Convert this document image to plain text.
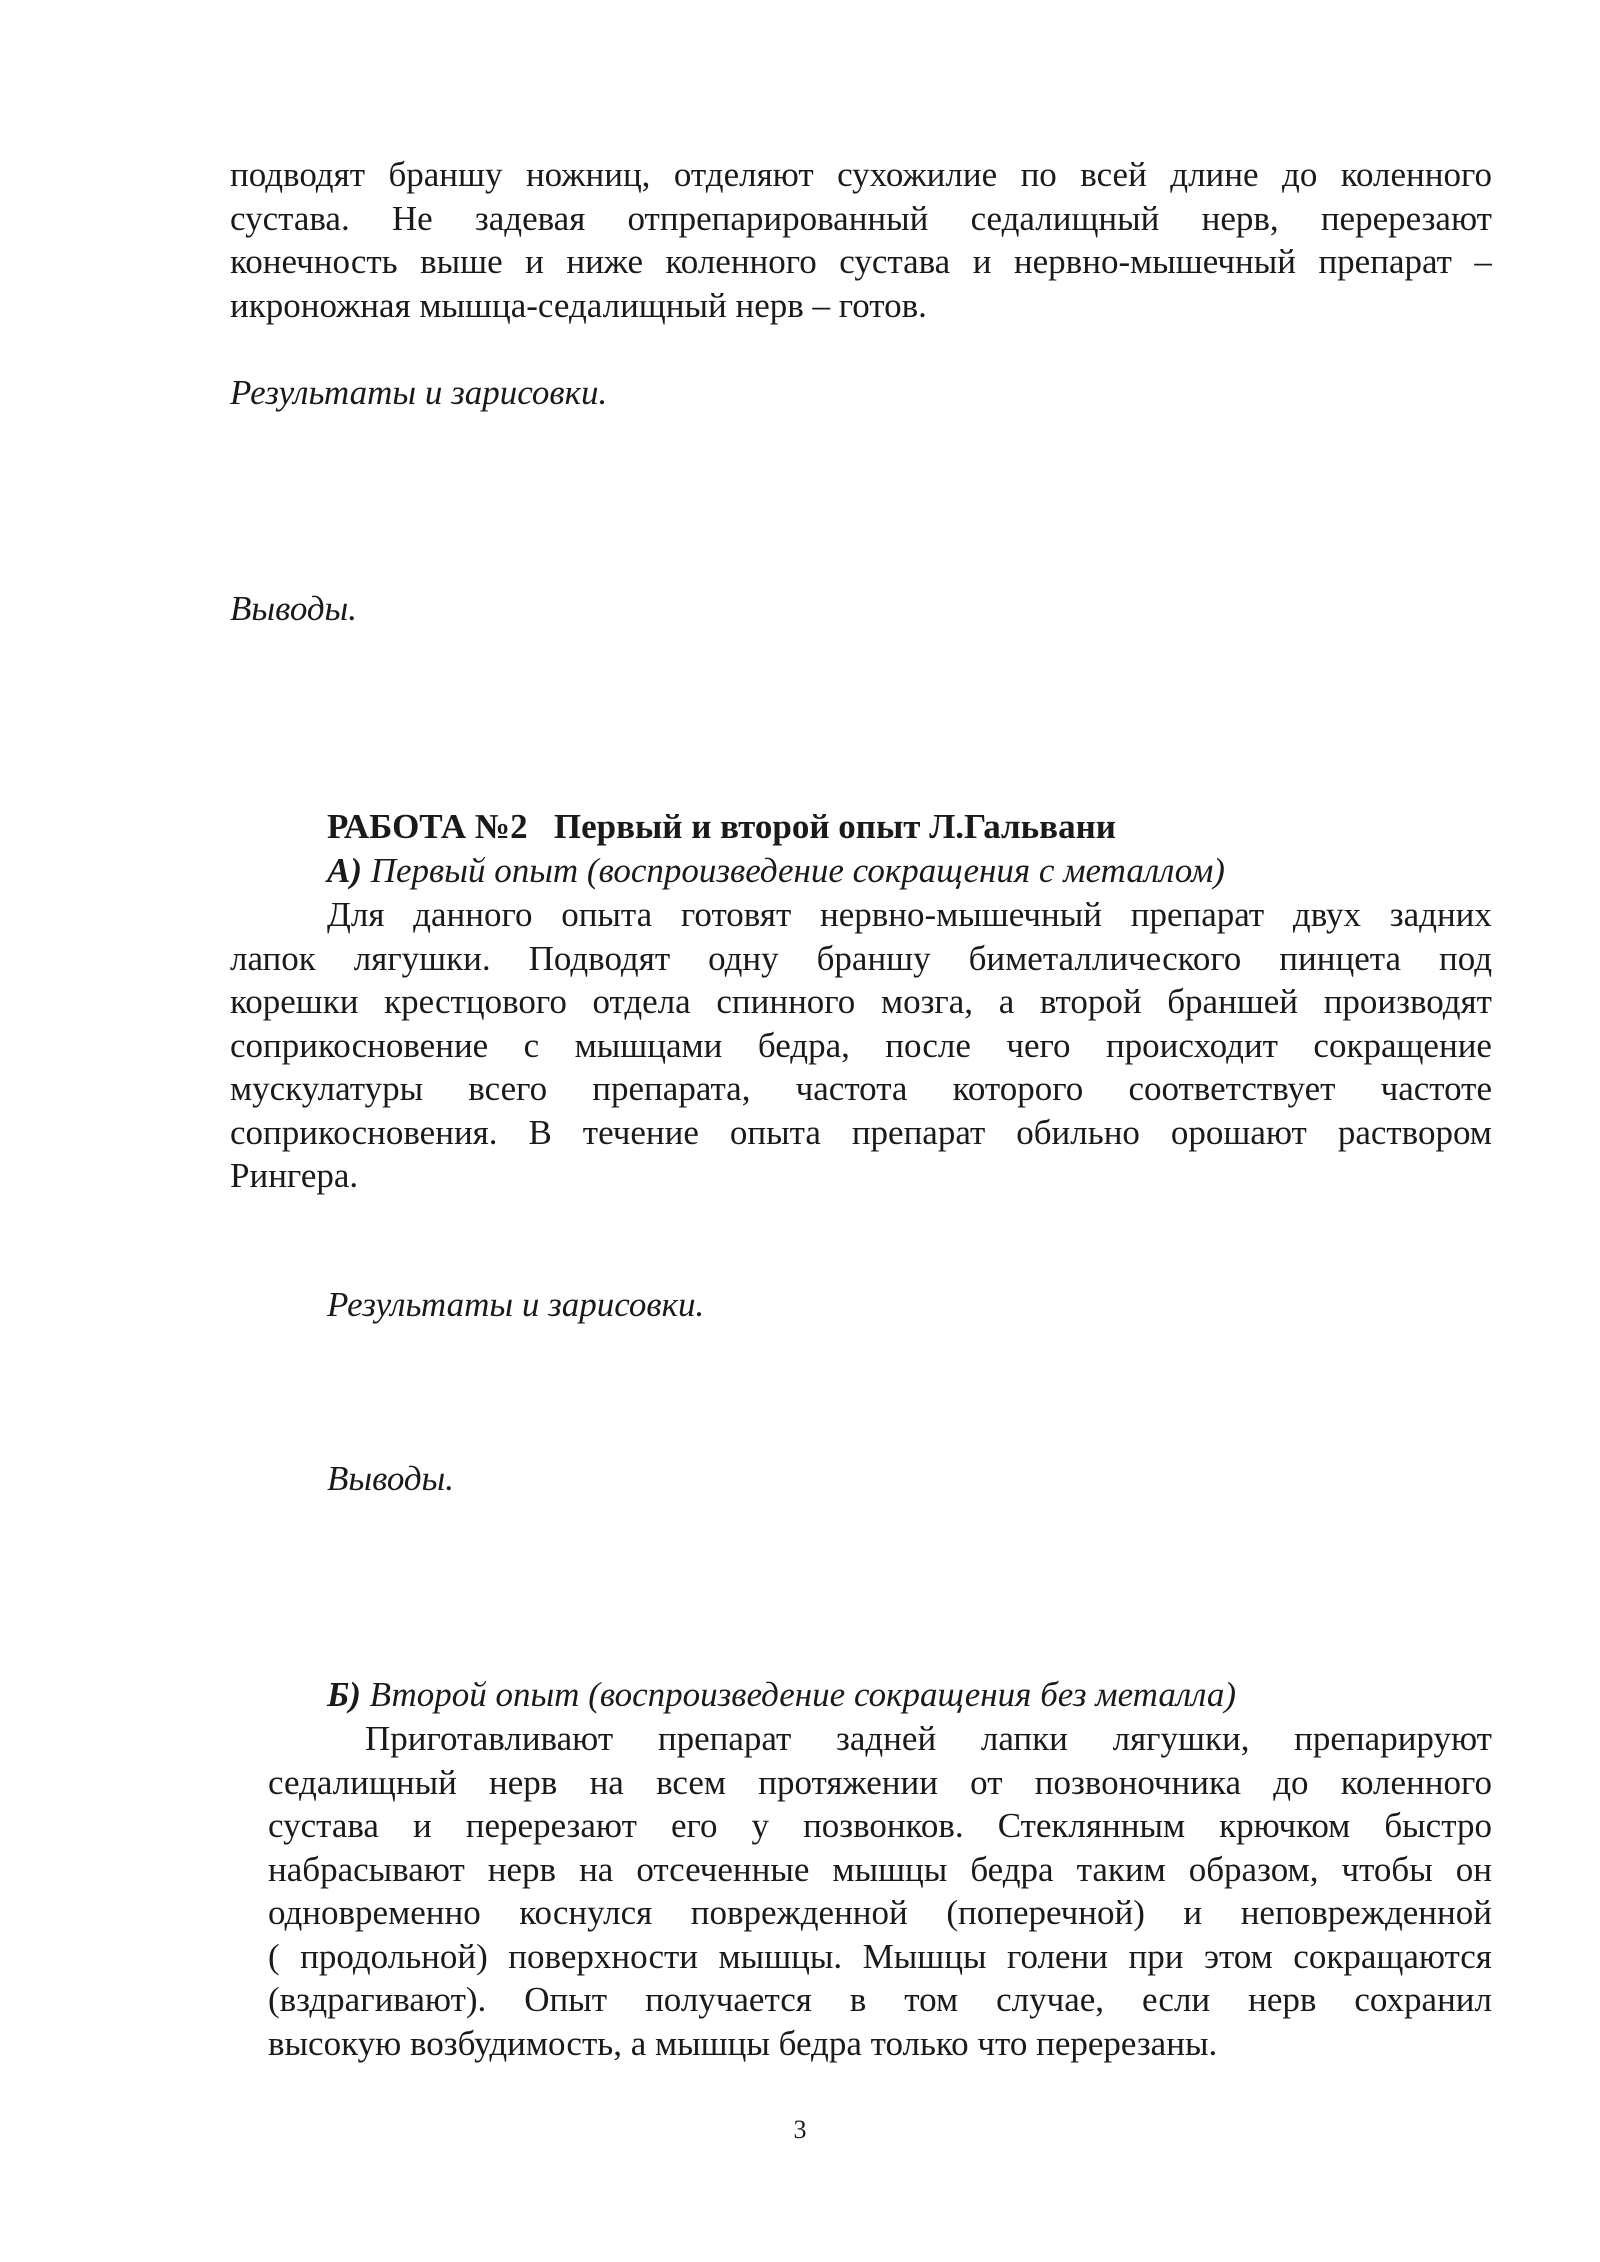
подводят браншу ножниц, отделяют сухожилие по всей длине до коленного
сустава. Не задевая отпрепарированный седалищный нерв, перерезают
конечность выше и ниже коленного сустава и нервно-мышечный препарат –
икроножная мышца-седалищный нерв – готов.
Результаты и зарисовки.
Выводы.
РАБОТА №2   Первый и второй опыт Л.Гальвани
А) Первый опыт (воспроизведение сокращения с металлом)
Для данного опыта готовят нервно-мышечный препарат двух задних
лапок лягушки. Подводят одну браншу биметаллического пинцета под
корешки крестцового отдела спинного мозга, а второй браншей производят
соприкосновение с мышцами бедра, после чего происходит сокращение
мускулатуры всего препарата, частота которого соответствует частоте
соприкосновения. В течение опыта препарат обильно орошают раствором
Рингера.
Результаты и зарисовки.
Выводы.
Б) Второй опыт (воспроизведение сокращения без металла)
Приготавливают препарат задней лапки лягушки, препарируют
седалищный нерв на всем протяжении от позвоночника до коленного
сустава и перерезают его у позвонков. Стеклянным крючком быстро
набрасывают нерв на отсеченные мышцы бедра таким образом, чтобы он
одновременно коснулся поврежденной (поперечной) и неповрежденной
( продольной) поверхности мышцы. Мышцы голени при этом сокращаются
(вздрагивают). Опыт получается в том случае, если нерв сохранил
высокую возбудимость, а мышцы бедра только что перерезаны.
3
